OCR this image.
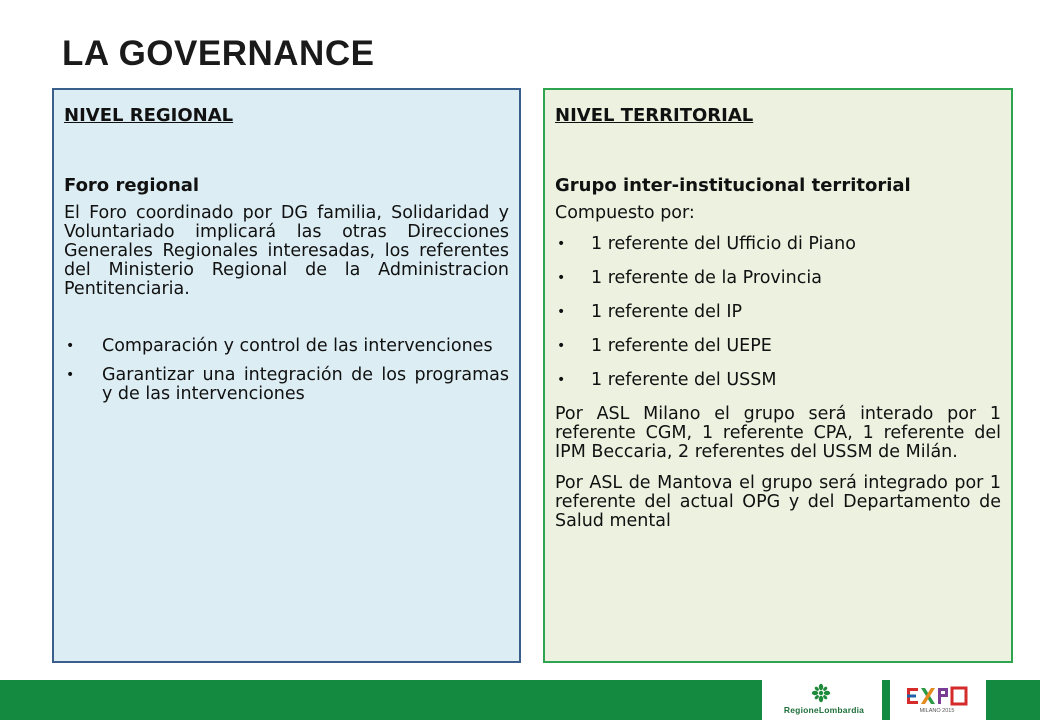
LA GOVERNANCE
NIVEL REGIONAL
Foro regional

El Foro coordinado por DG familia, Solidaridad y Voluntariado implicará las otras Direcciones Generales Regionales interesadas, los referentes del Ministerio Regional de la Administracion Pentitenciaria.

• Comparación y control de las intervenciones
• Garantizar una integración de los programas y de las intervenciones
NIVEL TERRITORIAL
Grupo inter-institucional territorial

Compuesto por:

• 1 referente del Ufficio di Piano
• 1 referente de la Provincia
• 1 referente del IP
• 1 referente del UEPE
• 1 referente del USSM

Por ASL Milano el grupo será interado por 1 referente CGM, 1 referente CPA, 1 referente del IPM Beccaria, 2 referentes del USSM de Milán.

Por ASL de Mantova el grupo será integrado por 1 referente del actual OPG y del Departamento de Salud mental

RegioneLombardia	MILANO 2015
